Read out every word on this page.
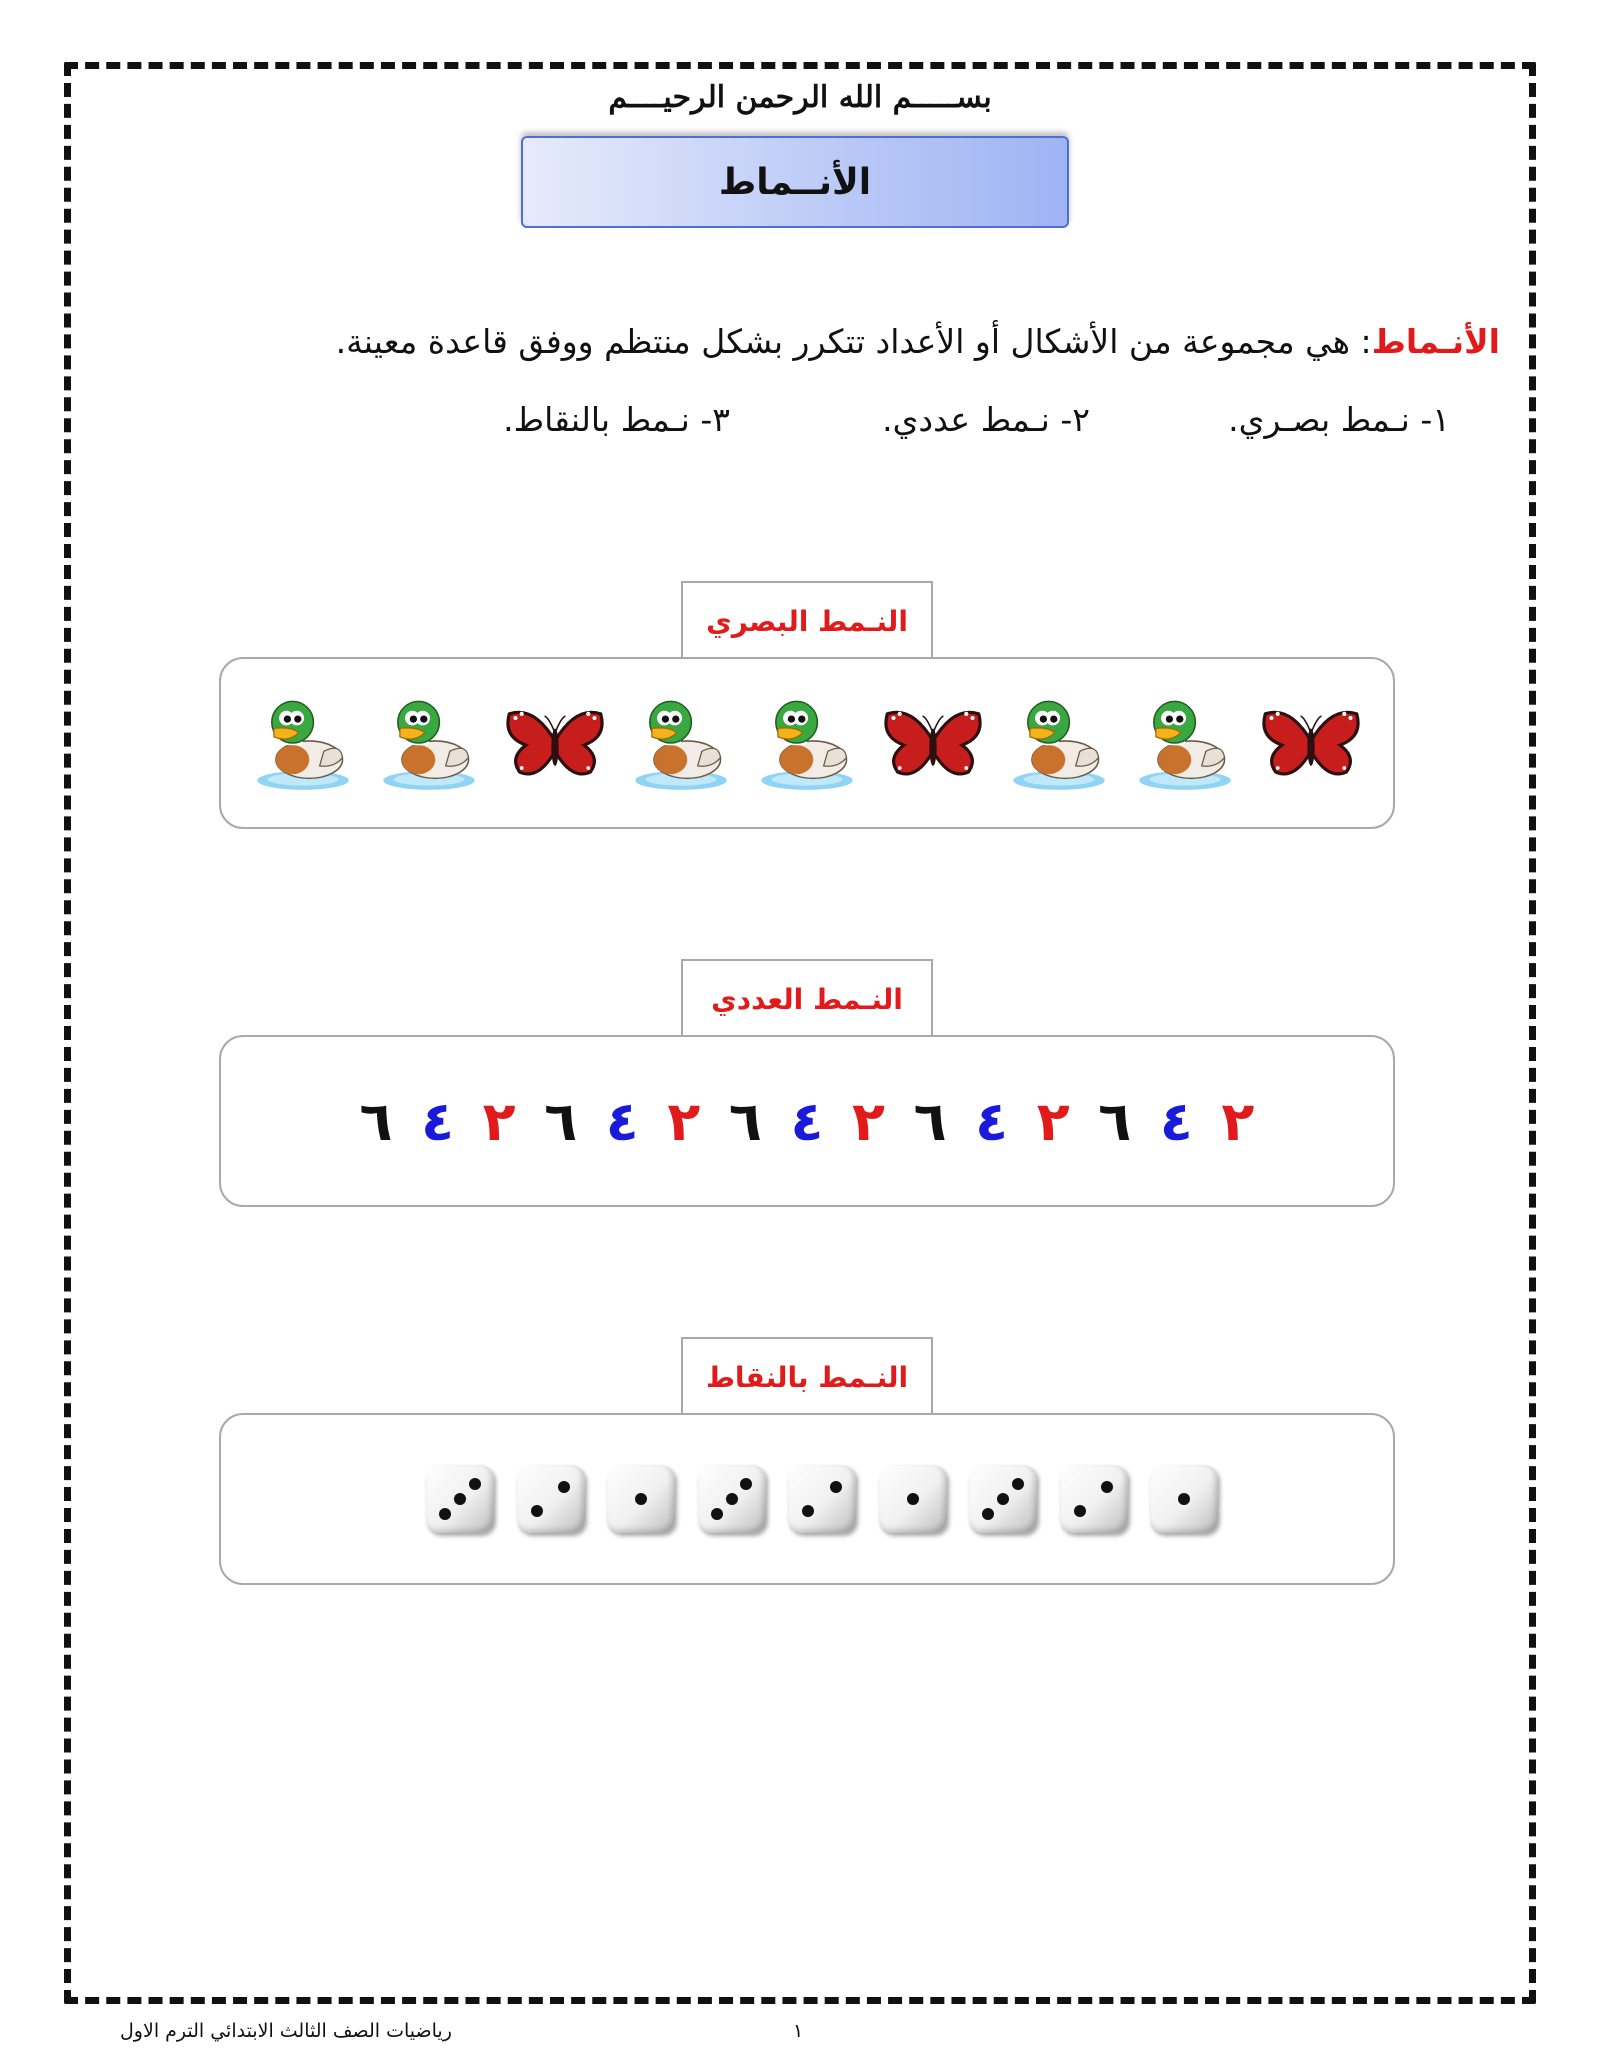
بســـــم الله الرحمن الرحيــــم
الأنــماط
الأنـماط: هي مجموعة من الأشكال أو الأعداد تتكرر بشكل منتظم ووفق قاعدة معينة.
١- نـمط بصـري.
٢- نـمط عددي.
٣- نـمط بالنقاط.
النـمط البصري
النـمط العددي
٦ ٤ ٢ ٦ ٤ ٢ ٦ ٤ ٢ ٦ ٤ ٢ ٦ ٤ ٢
النـمط بالنقاط
رياضيات الصف الثالث الابتدائي الترم الاول	١
